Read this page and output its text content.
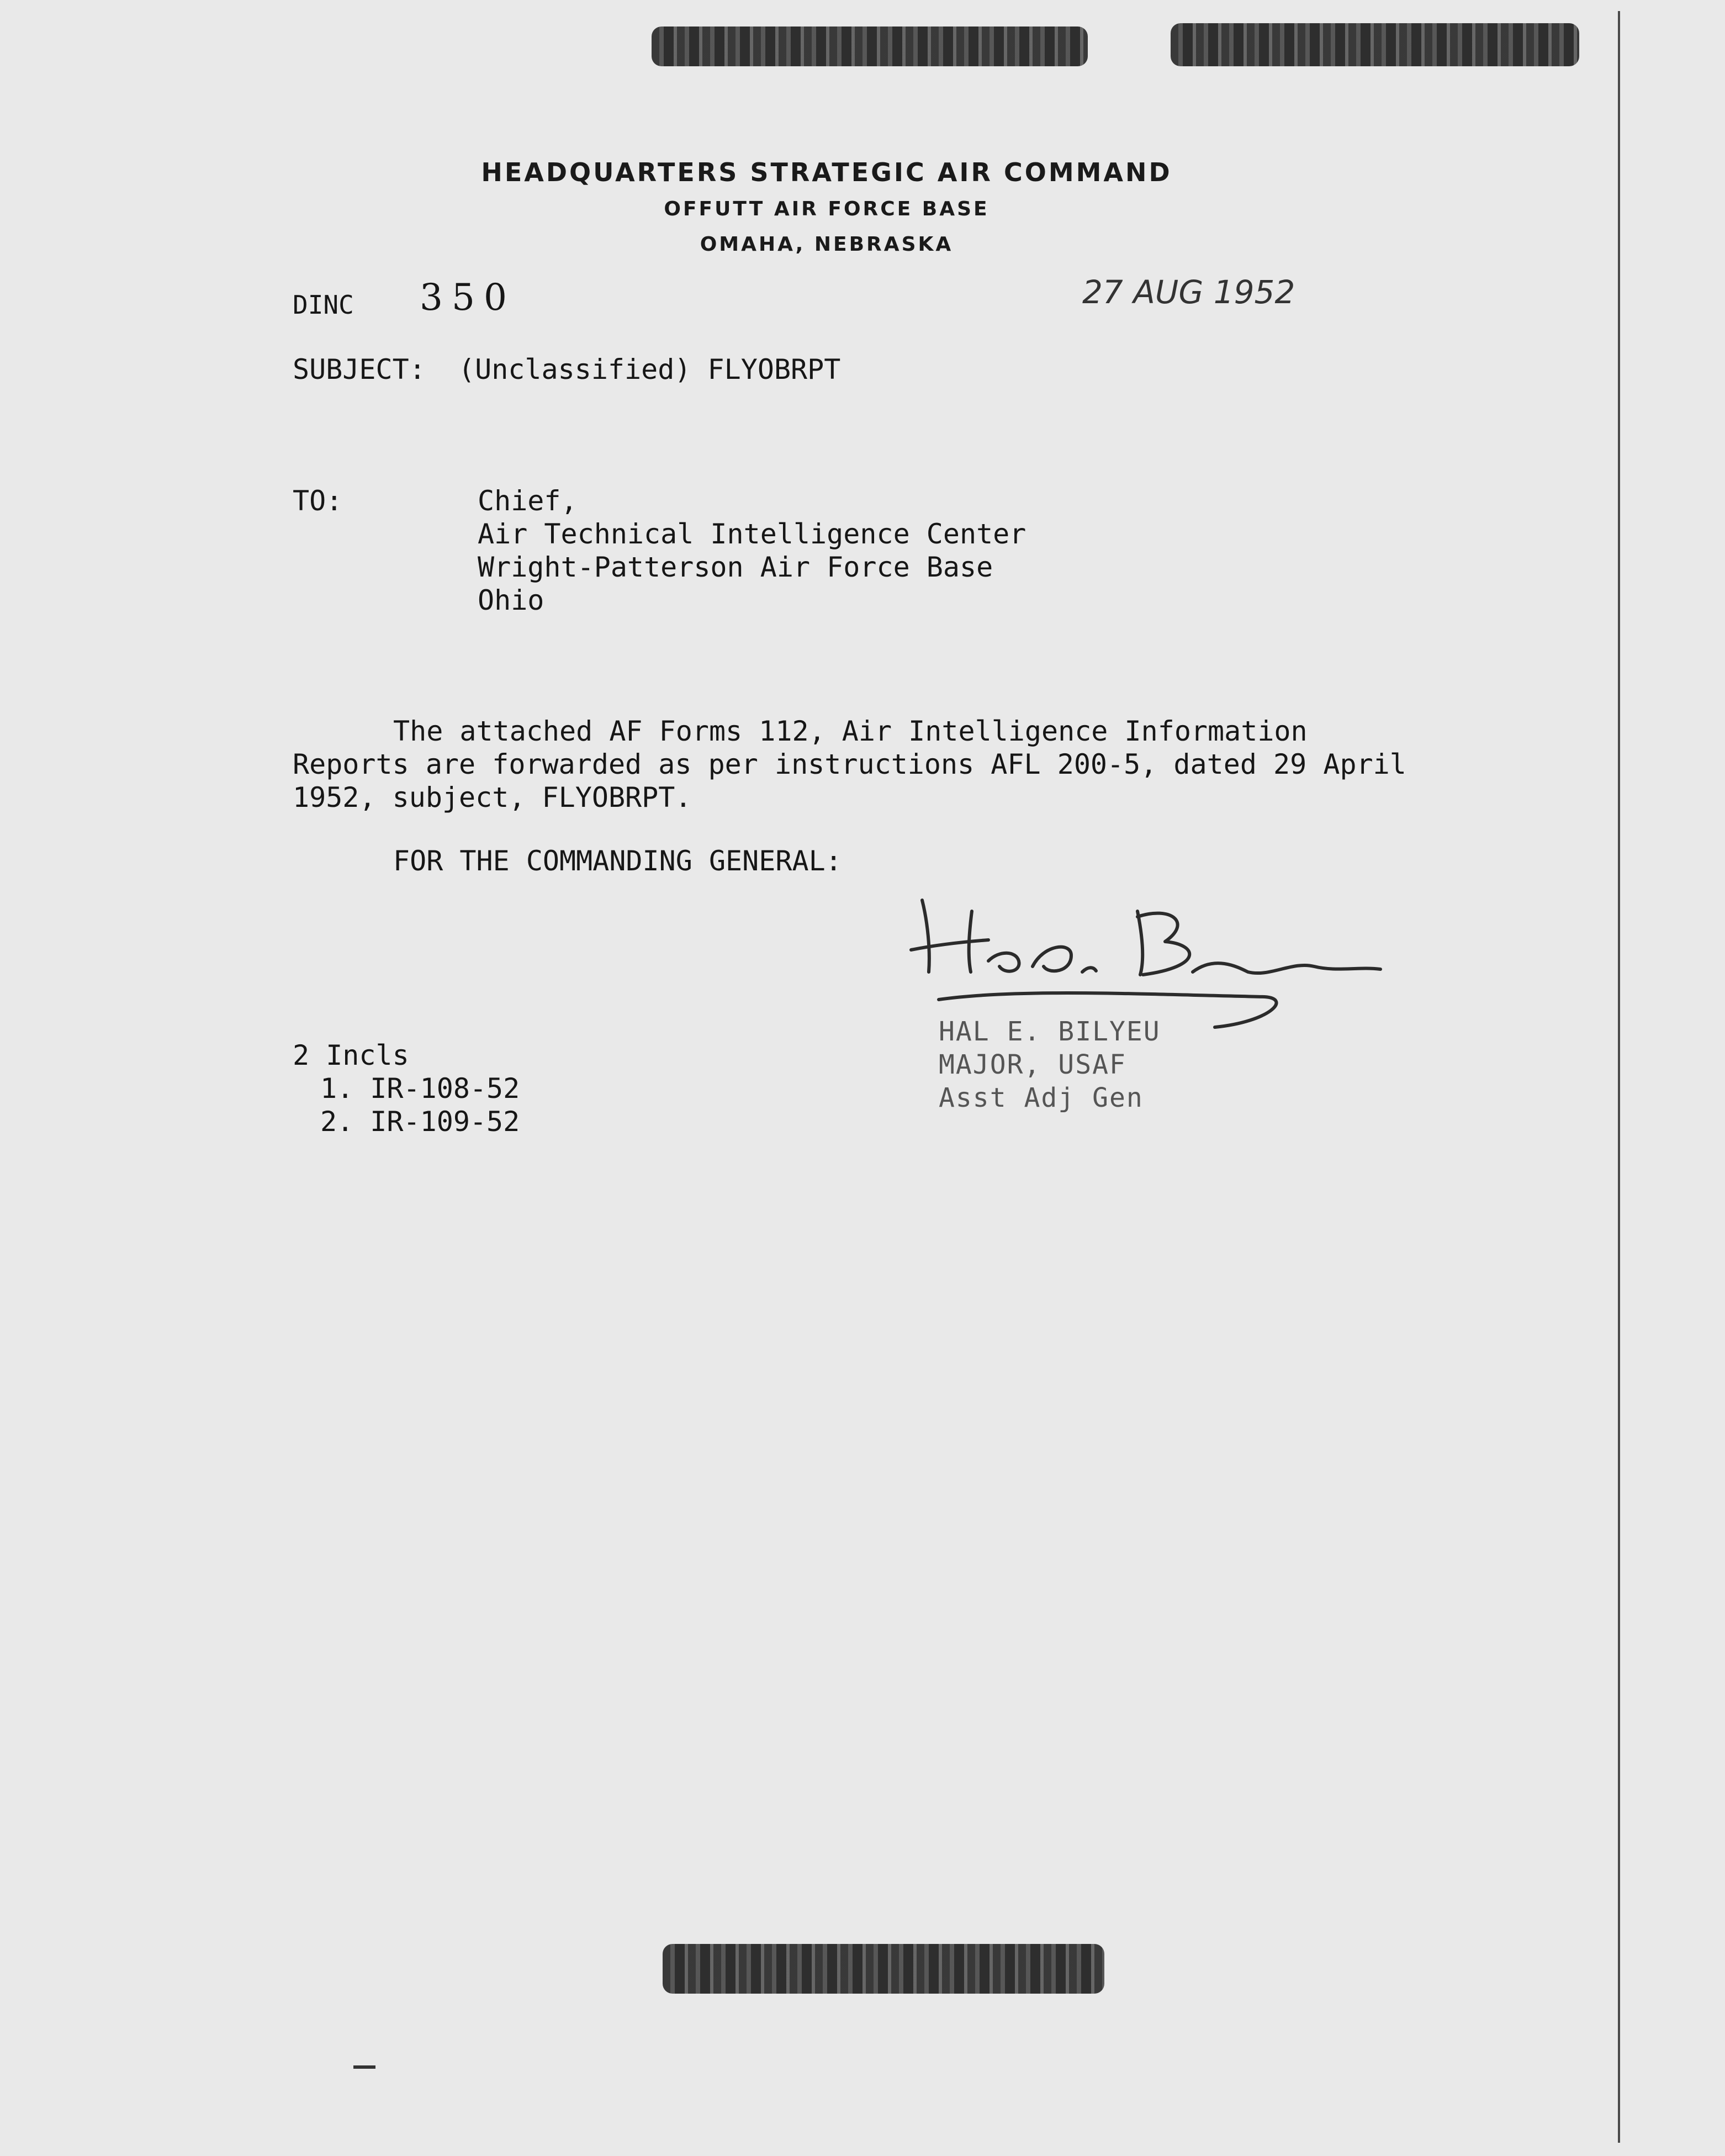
HEADQUARTERS STRATEGIC AIR COMMAND
OFFUTT AIR FORCE BASE
OMAHA, NEBRASKA
DINC 350	27 AUG 1952
SUBJECT: (Unclassified) FLYOBRPT
TO:	Chief,
Air Technical Intelligence Center
Wright-Patterson Air Force Base
Ohio
The attached AF Forms 112, Air Intelligence Information
Reports are forwarded as per instructions AFL 200-5, dated 29 April
1952, subject, FLYOBRPT.
FOR THE COMMANDING GENERAL:
HAL E. BILYEU
MAJOR, USAF
Asst Adj Gen
2 Incls
1. IR-108-52
2. IR-109-52
